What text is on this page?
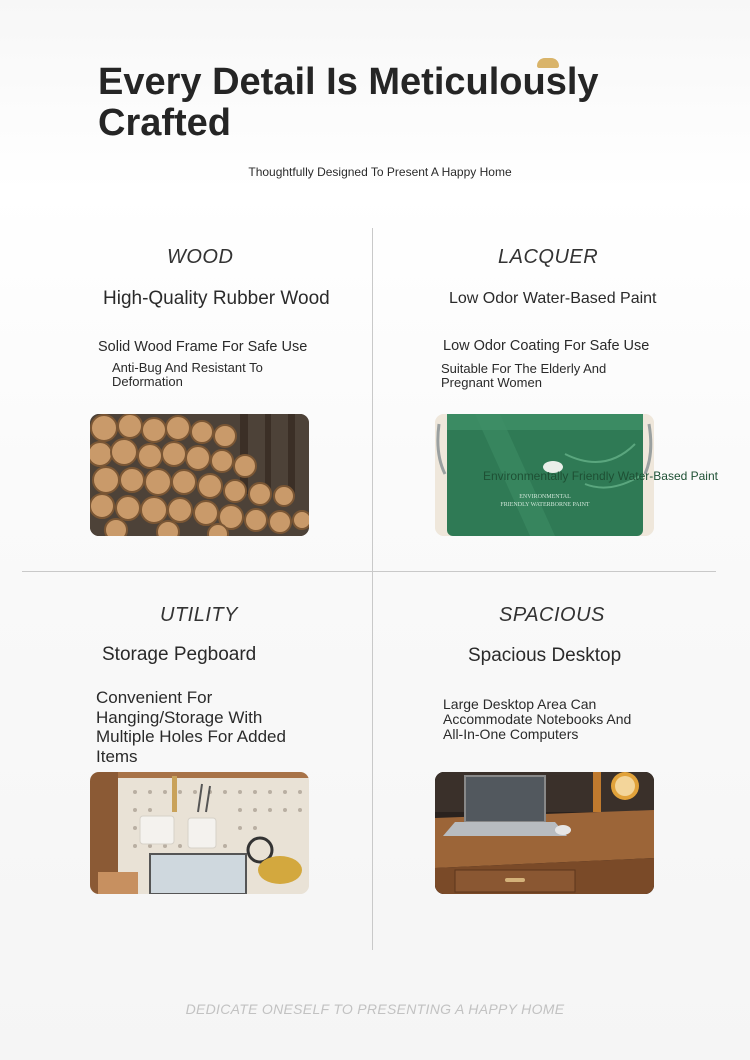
Every Detail Is Meticulously Crafted
Thoughtfully Designed To Present A Happy Home
WOOD
High-Quality Rubber Wood
Solid Wood Frame For Safe Use
Anti-Bug And Resistant To Deformation
LACQUER
Low Odor Water-Based Paint
Low Odor Coating For Safe Use
Suitable For The Elderly And Pregnant Women
ENVIRONMENTAL
FRIENDLY WATERBORNE PAINT
Environmentally Friendly Water-Based Paint
UTILITY
Storage Pegboard
Convenient For Hanging/Storage With Multiple Holes For Added Items
SPACIOUS
Spacious Desktop
Large Desktop Area Can Accommodate Notebooks And All-In-One Computers
DEDICATE ONESELF TO PRESENTING A HAPPY HOME
